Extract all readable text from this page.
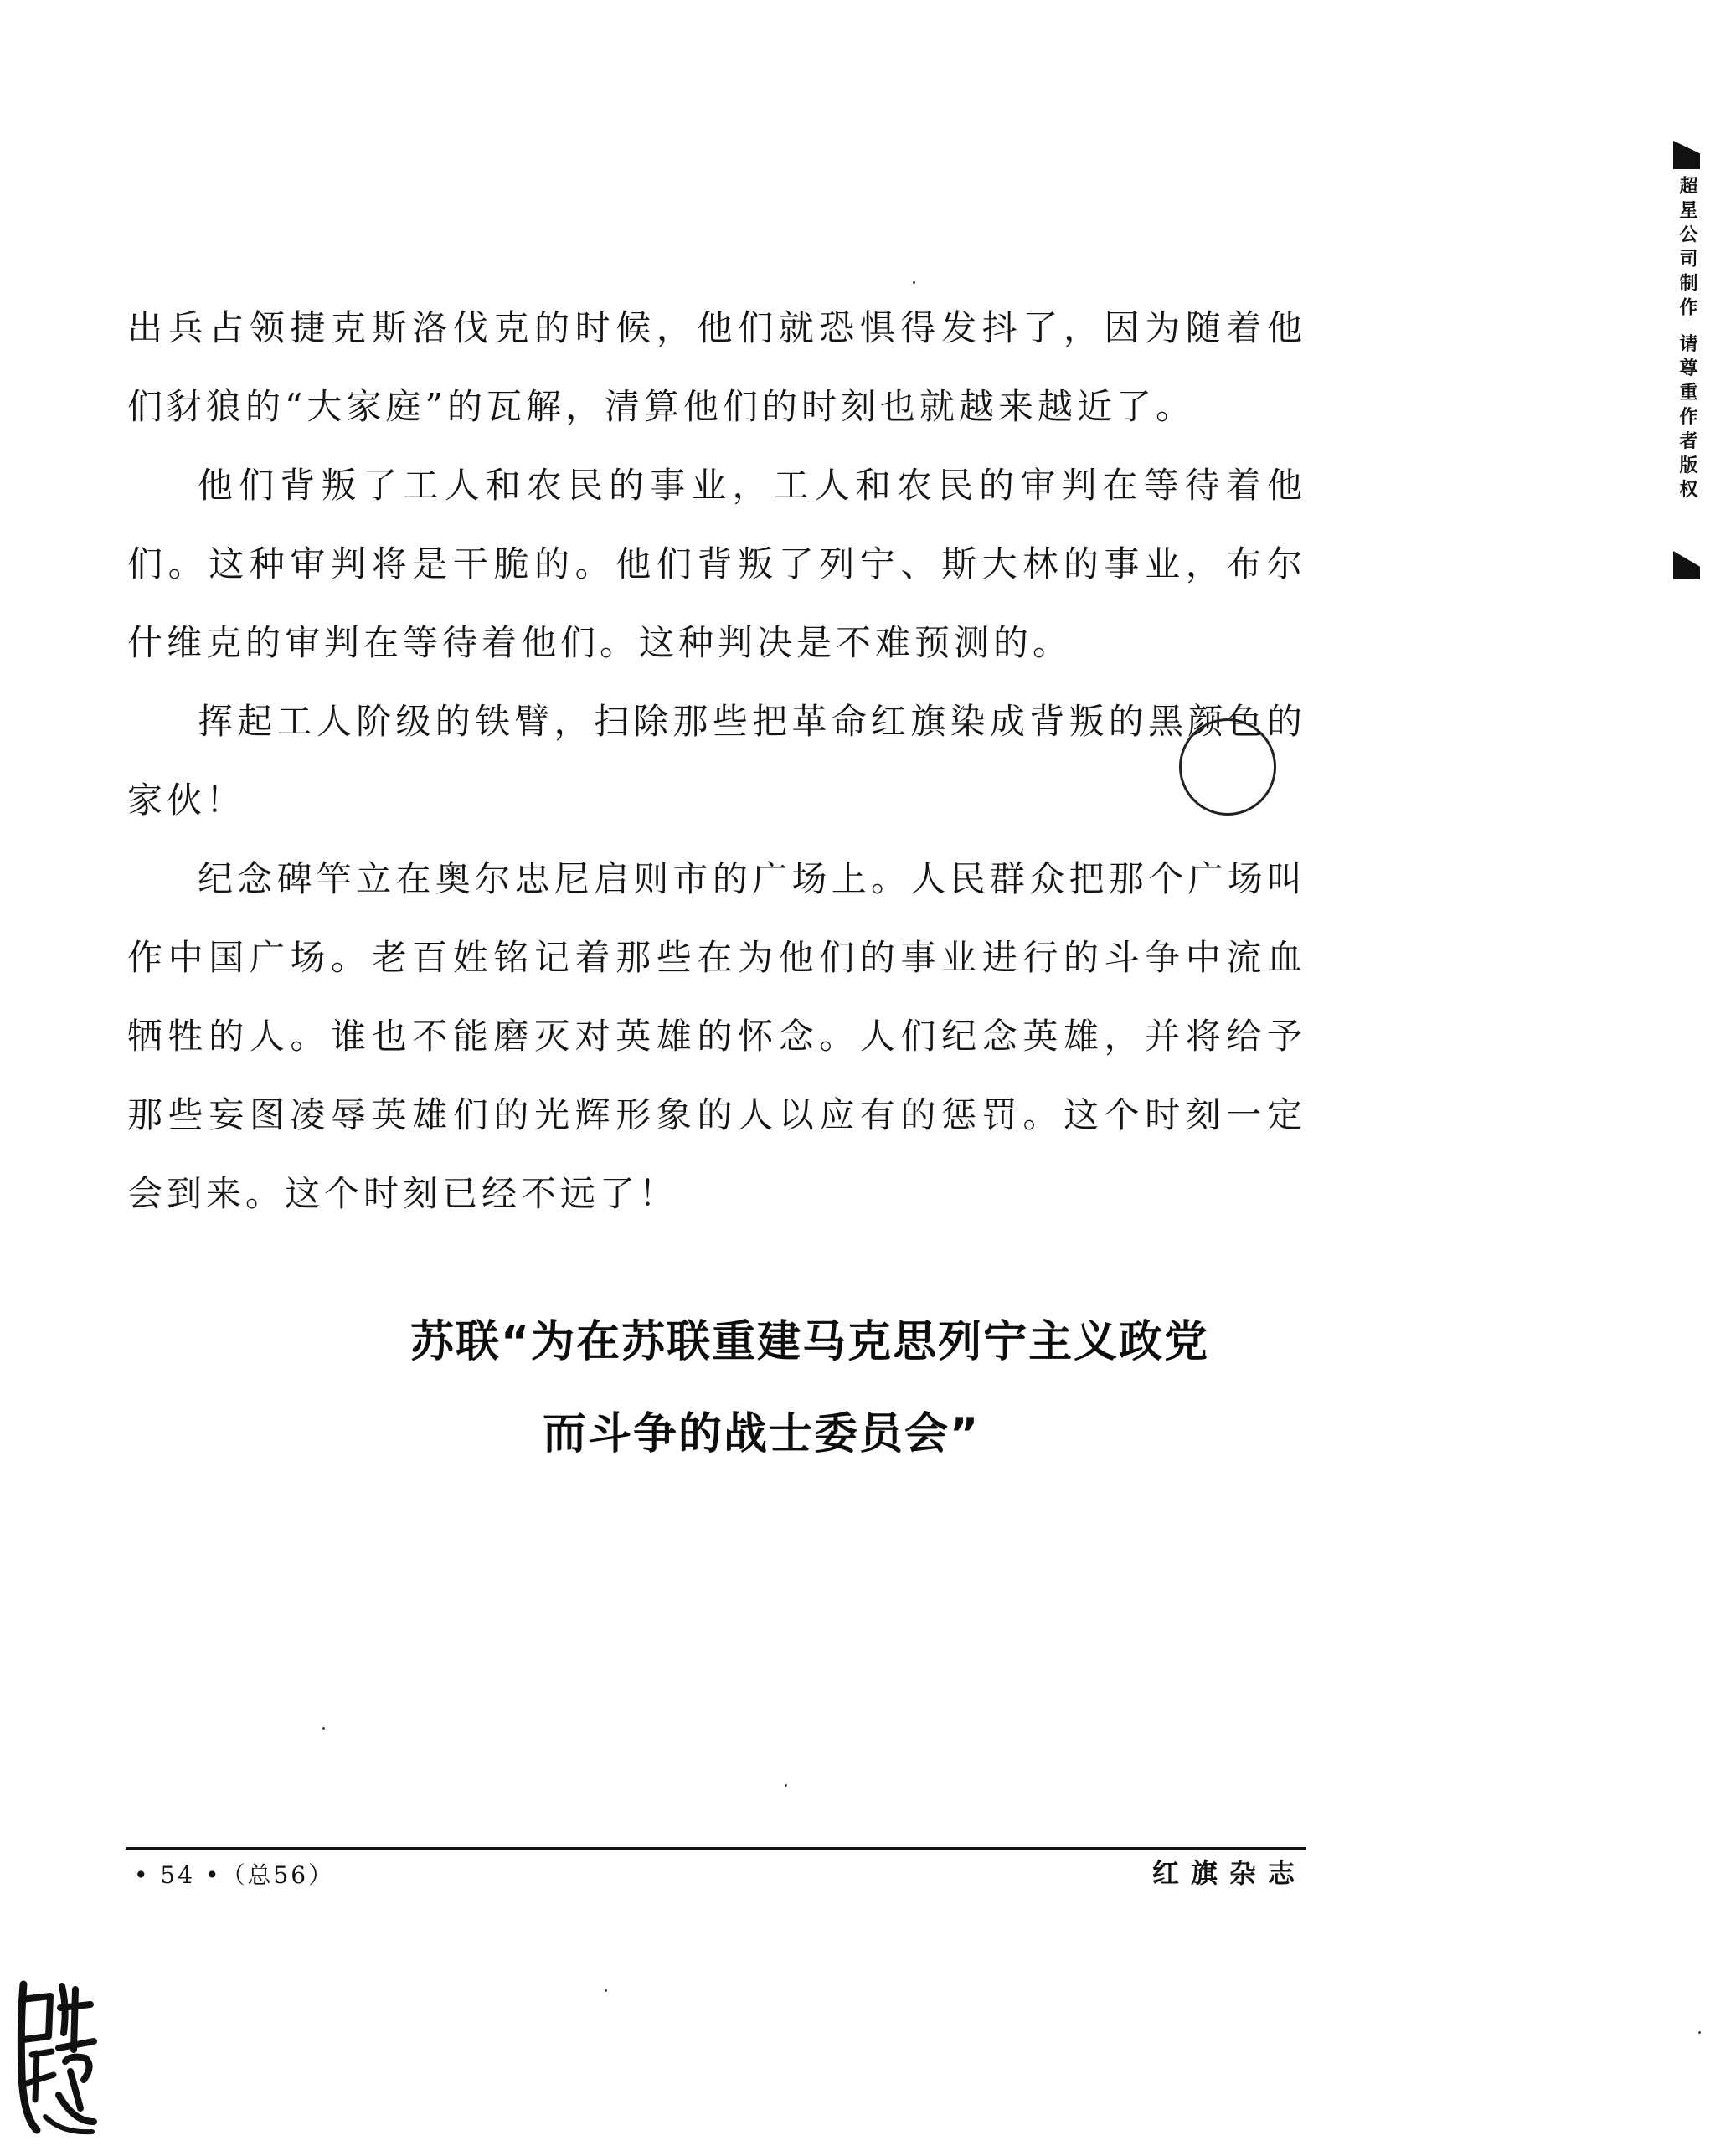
出兵占领捷克斯洛伐克的时候，他们就恐惧得发抖了，因为随着他们豺狼的“大家庭”的瓦解，清算他们的时刻也就越来越近了。

他们背叛了工人和农民的事业，工人和农民的审判在等待着他们。这种审判将是干脆的。他们背叛了列宁、斯大林的事业，布尔什维克的审判在等待着他们。这种判决是不难预测的。

挥起工人阶级的铁臂，扫除那些把革命红旗染成背叛的黑颜色的家伙！

纪念碑竿立在奥尔忠尼启则市的广场上。人民群众把那个广场叫作中国广场。老百姓铭记着那些在为他们的事业进行的斗争中流血牺牲的人。谁也不能磨灭对英雄的怀念。人们纪念英雄，并将给予那些妄图凌辱英雄们的光辉形象的人以应有的惩罚。这个时刻一定会到来。这个时刻已经不远了！

苏联“为在苏联重建马克思列宁主义政党
而斗争的战士委员会”
• 54 •（总56）	红旗杂志
超星公司制作 请尊重作者版权
